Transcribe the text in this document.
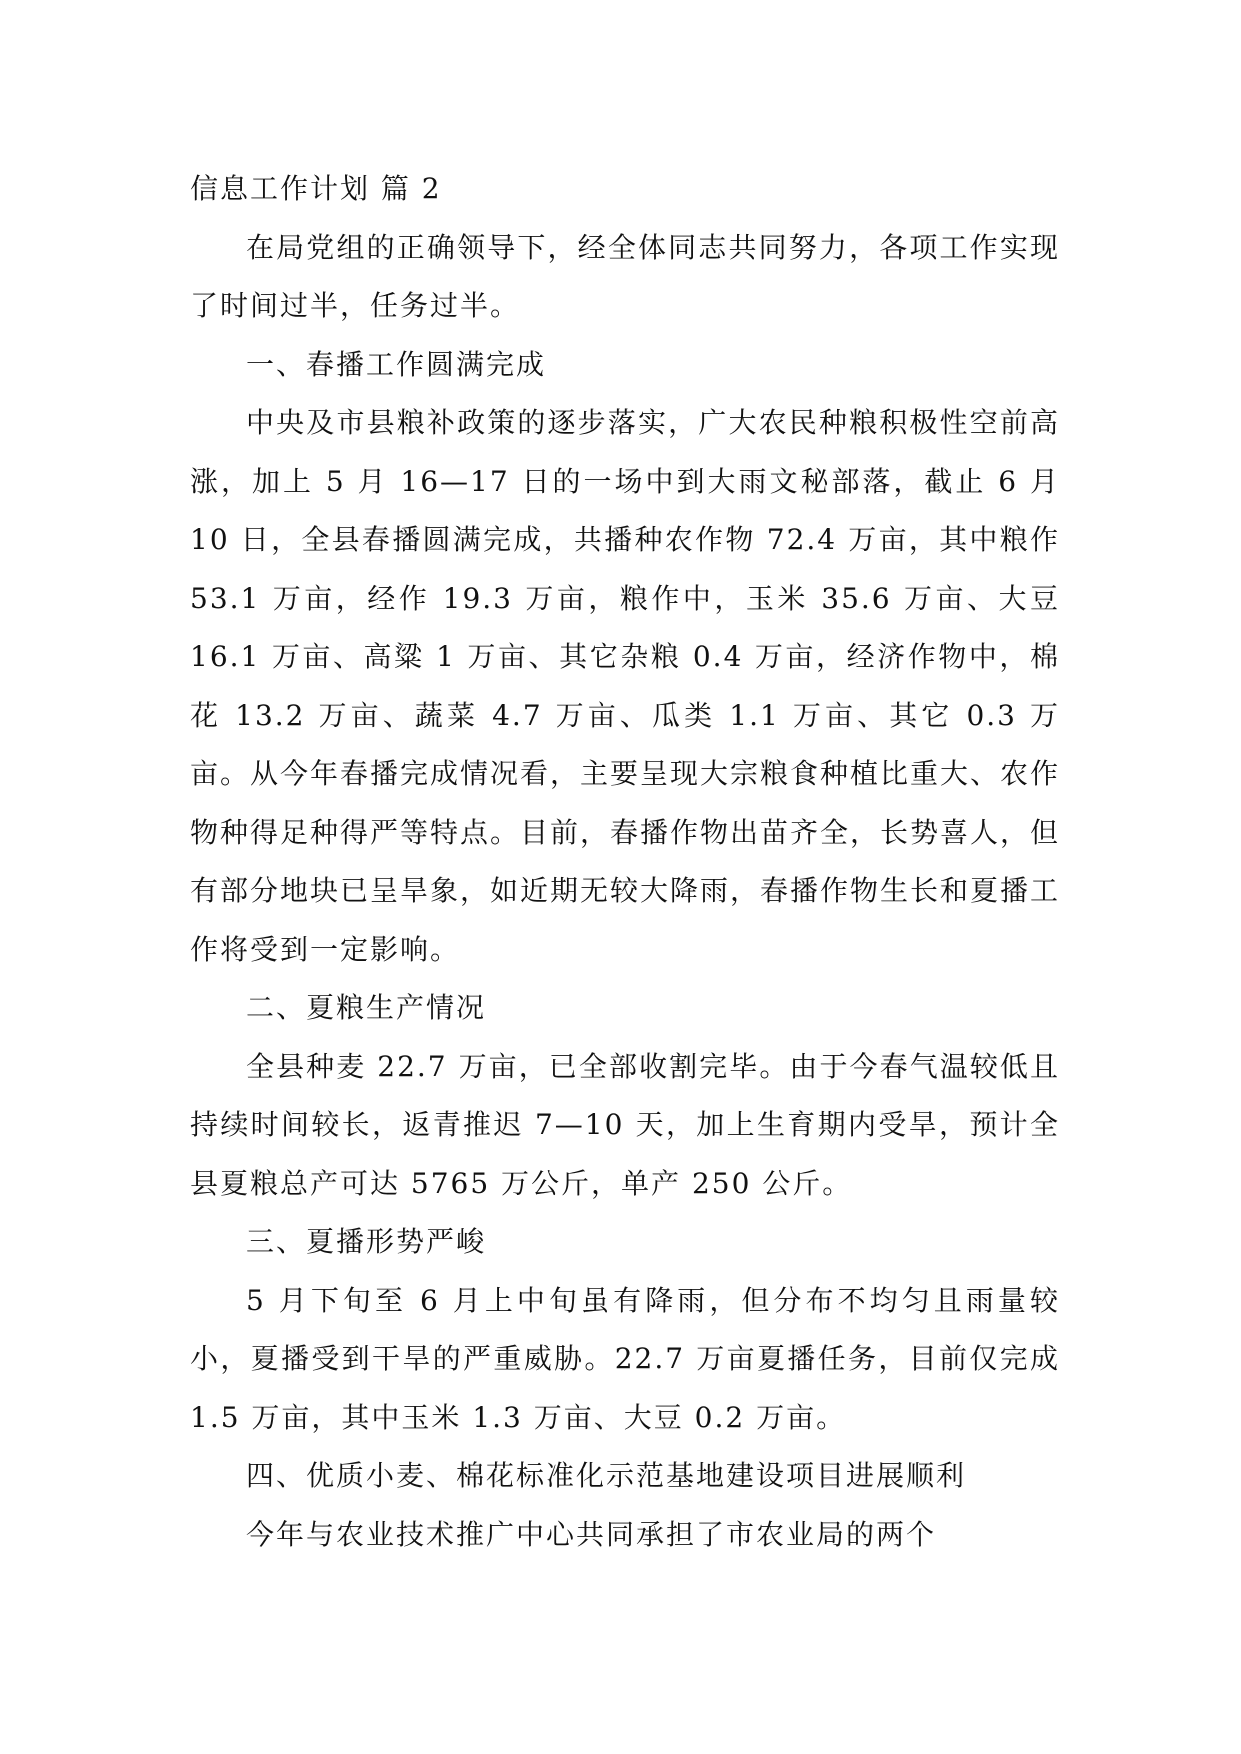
信息工作计划 篇 2

在局党组的正确领导下，经全体同志共同努力，各项工作实现了时间过半，任务过半。

一、春播工作圆满完成

中央及市县粮补政策的逐步落实，广大农民种粮积极性空前高涨，加上 5 月 16—17 日的一场中到大雨文秘部落，截止 6 月 10 日，全县春播圆满完成，共播种农作物 72.4 万亩，其中粮作 53.1 万亩，经作 19.3 万亩，粮作中，玉米 35.6 万亩、大豆 16.1 万亩、高粱 1 万亩、其它杂粮 0.4 万亩，经济作物中，棉花 13.2 万亩、蔬菜 4.7 万亩、瓜类 1.1 万亩、其它 0.3 万亩。从今年春播完成情况看，主要呈现大宗粮食种植比重大、农作物种得足种得严等特点。目前，春播作物出苗齐全，长势喜人，但有部分地块已呈旱象，如近期无较大降雨，春播作物生长和夏播工作将受到一定影响。

二、夏粮生产情况

全县种麦 22.7 万亩，已全部收割完毕。由于今春气温较低且持续时间较长，返青推迟 7—10 天，加上生育期内受旱，预计全县夏粮总产可达 5765 万公斤，单产 250 公斤。

三、夏播形势严峻

5 月下旬至 6 月上中旬虽有降雨，但分布不均匀且雨量较小，夏播受到干旱的严重威胁。22.7 万亩夏播任务，目前仅完成 1.5 万亩，其中玉米 1.3 万亩、大豆 0.2 万亩。

四、优质小麦、棉花标准化示范基地建设项目进展顺利

今年与农业技术推广中心共同承担了市农业局的两个
